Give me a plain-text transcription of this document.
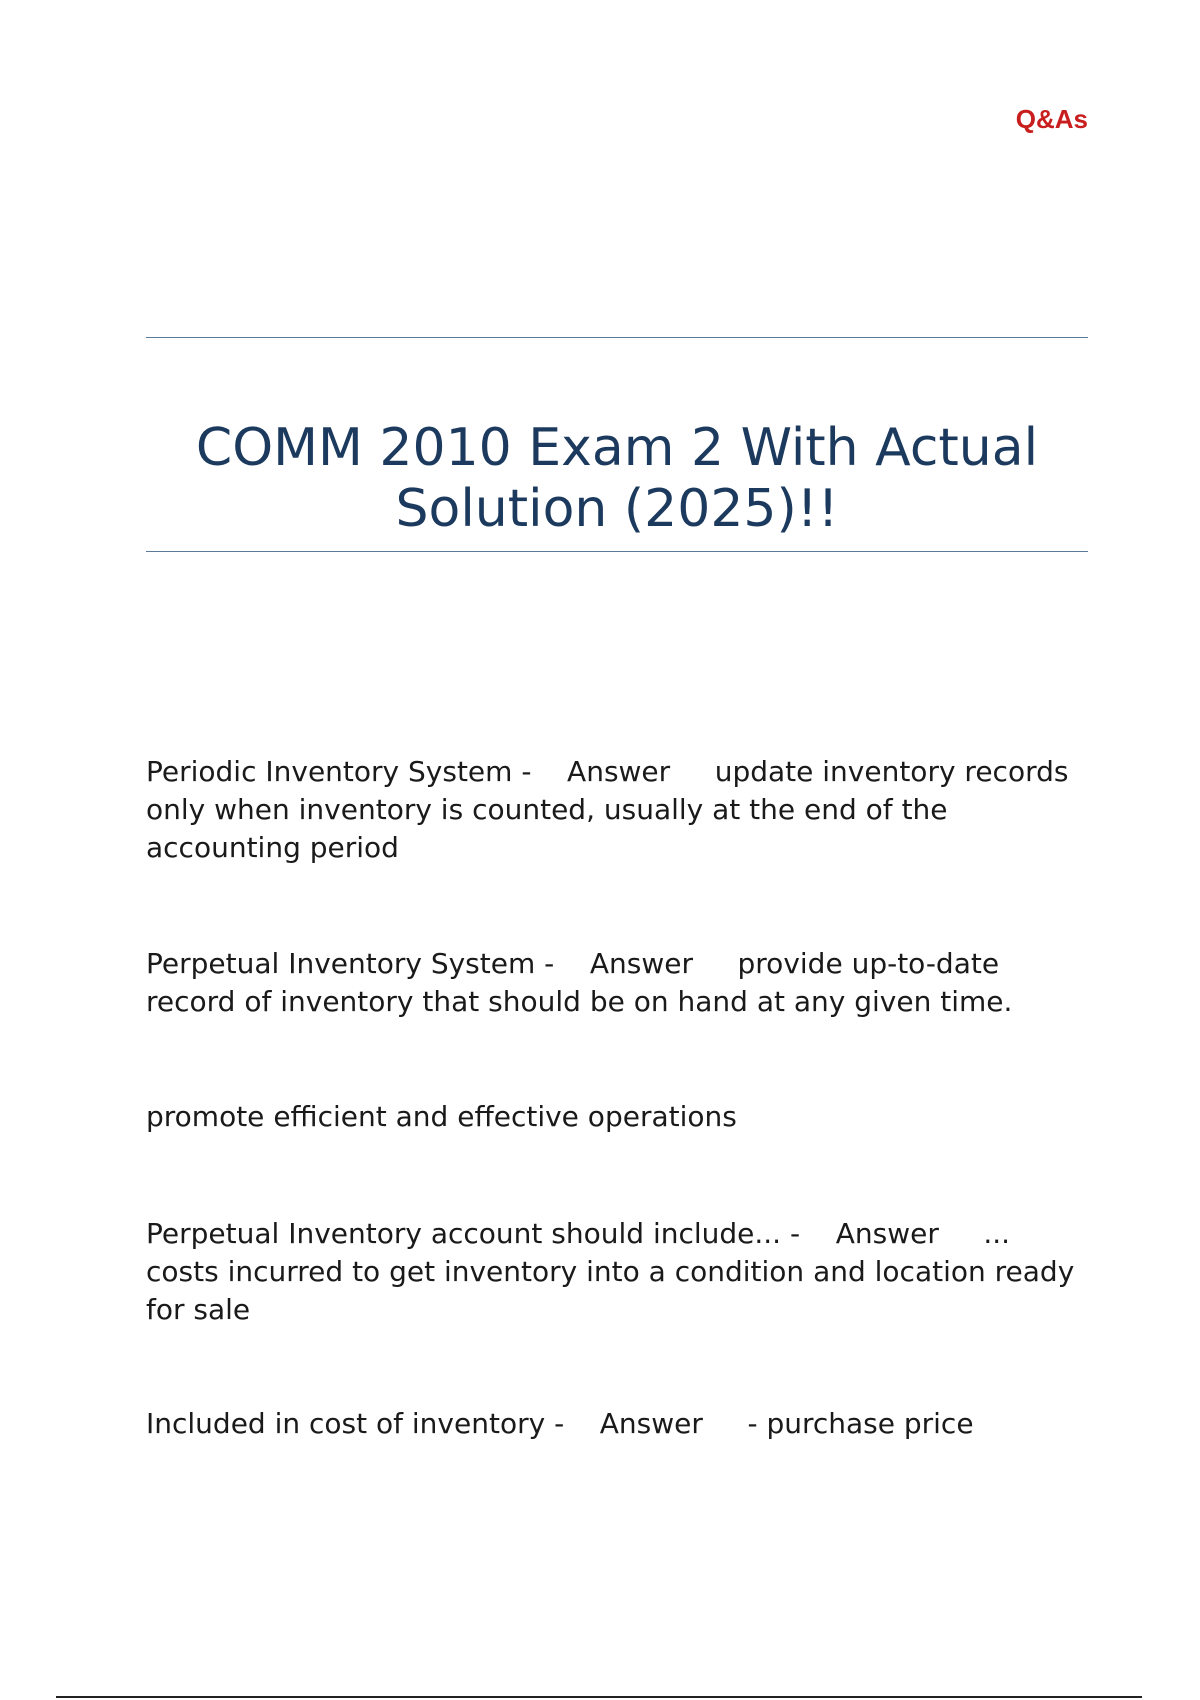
Q&As

COMM 2010 Exam 2 With Actual
Solution (2025)!!

Periodic Inventory System - Answer update inventory records only when inventory is counted, usually at the end of the accounting period

Perpetual Inventory System - Answer provide up-to-date record of inventory that should be on hand at any given time.

promote efficient and effective operations

Perpetual Inventory account should include... - Answer ... costs incurred to get inventory into a condition and location ready for sale

Included in cost of inventory - Answer - purchase price
